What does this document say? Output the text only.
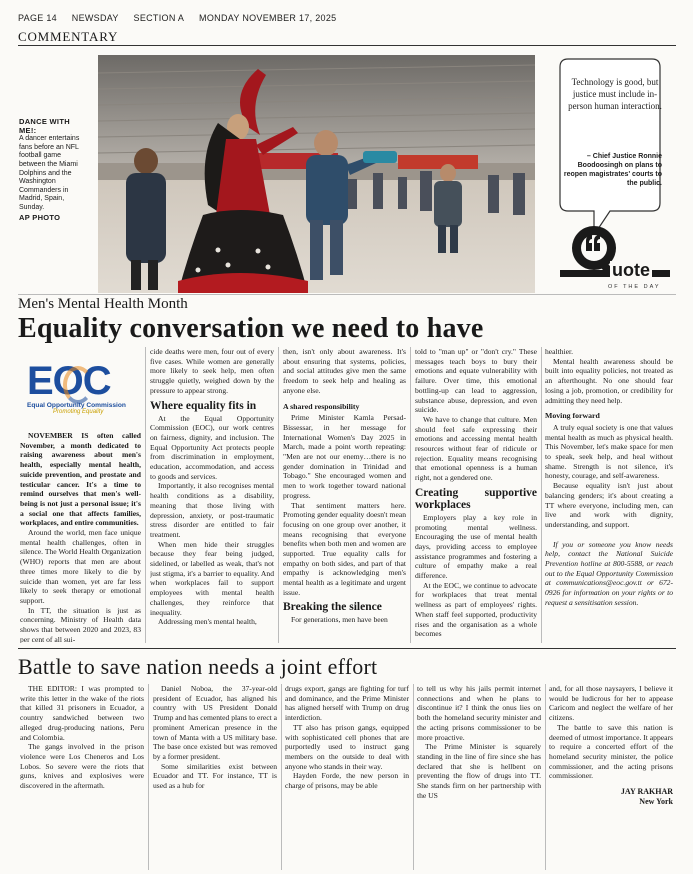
PAGE 14 NEWSDAY SECTION A MONDAY NOVEMBER 17, 2025
COMMENTARY
DANCE WITH ME!:
A dancer entertains fans before an NFL football game between the Miami Dolphins and the Washington Commanders in Madrid, Spain, Sunday.
AP PHOTO
uote
OF THE DAY
Technology is good, but justice must include in-person human interaction.
– Chief Justice Ronnie Boodoosingh on plans to reopen magistrates' courts to the public.
Men's Mental Health Month
Equality conversation we need to have
EOC
Equal Opportunity Commission
Promoting Equality

NOVEMBER IS often called November, a month dedicated to raising awareness about men's health, especially mental health, suicide prevention, and prostate and testicular cancer. It's a time to remind ourselves that men's well-being is not just a personal issue; it's a social one that affects families, workplaces, and entire communities.

Around the world, men face unique mental health challenges, often in silence. The World Health Organization (WHO) reports that men are about three times more likely to die by suicide than women, yet are far less likely to seek therapy or emotional support.

In TT, the situation is just as concerning. Ministry of Health data shows that between 2020 and 2023, 83 per cent of all sui-

cide deaths were men, four out of every five cases. While women are generally more likely to seek help, men often struggle quietly, weighed down by the pressure to appear strong.

Where equality fits in

At the Equal Opportunity Commission (EOC), our work centres on fairness, dignity, and inclusion. The Equal Opportunity Act protects people from discrimination in employment, education, accommodation, and access to goods and services.

Importantly, it also recognises mental health conditions as a disability, meaning that those living with depression, anxiety, or post-traumatic stress disorder are entitled to fair treatment.

When men hide their struggles because they fear being judged, sidelined, or labelled as weak, that's not just stigma, it's a barrier to equality. And when workplaces fail to support employees with mental health challenges, they reinforce that inequality.

Addressing men's mental health,

then, isn't only about awareness. It's about ensuring that systems, policies, and social attitudes give men the same freedom to seek help and healing as anyone else.

A shared responsibility

Prime Minister Kamla Persad-Bissessar, in her message for International Women's Day 2025 in March, made a point worth repeating: "Men are not our enemy…there is no gender domination in Trinidad and Tobago." She encouraged women and men to work together toward national progress.

That sentiment matters here. Promoting gender equality doesn't mean focusing on one group over another, it means recognising that everyone benefits when both men and women are supported. True equality calls for empathy on both sides, and part of that empathy is acknowledging men's mental health as a legitimate and urgent issue.

Breaking the silence

For generations, men have been

told to "man up" or "don't cry." These messages teach boys to bury their emotions and equate vulnerability with failure. Over time, this emotional bottling-up can lead to aggression, substance abuse, depression, and even suicide.

We have to change that culture. Men should feel safe expressing their emotions and accessing mental health resources without fear of ridicule or rejection. Equality means recognising that emotional openness is a human right, not a gendered one.

Creating supportive workplaces

Employers play a key role in promoting mental wellness. Encouraging the use of mental health days, providing access to employee assistance programmes and fostering a culture of empathy make a real difference.

At the EOC, we continue to advocate for workplaces that treat mental wellness as part of employees' rights. When staff feel supported, productivity rises and the organisation as a whole becomes

healthier.

Mental health awareness should be built into equality policies, not treated as an afterthought. No one should fear losing a job, promotion, or credibility for admitting they need help.

Moving forward

A truly equal society is one that values mental health as much as physical health. This November, let's make space for men to speak, seek help, and heal without shame. Strength is not silence, it's honesty, courage, and self-awareness.

Because equality isn't just about balancing genders; it's about creating a TT where everyone, including men, can live and work with dignity, understanding, and support.

If you or someone you know needs help, contact the National Suicide Prevention hotline at 800-5588, or reach out to the Equal Opportunity Commission at communications@eoc.gov.tt or 672-0926 for information on your rights or to request a sensitisation session.

Battle to save nation needs a joint effort

THE EDITOR: I was prompted to write this letter in the wake of the riots that killed 31 prisoners in Ecuador, a country sandwiched between two alleged drug-producing nations, Peru and Colombia.

The gangs involved in the prison violence were Los Cheneros and Los Lobos. So severe were the riots that guns, knives and explosives were discovered in the aftermath.

Daniel Noboa, the 37-year-old president of Ecuador, has aligned his country with US President Donald Trump and has cemented plans to erect a prominent American presence in the town of Manta with a US military base. The base once existed but was removed by a former president.

Some similarities exist between Ecuador and TT. For instance, TT is used as a hub for

drugs export, gangs are fighting for turf and dominance, and the Prime Minister has aligned herself with Trump on drug interdiction.

TT also has prison gangs, equipped with sophisticated cell phones that are purportedly used to instruct gang members on the outside to deal with anyone who stands in their way.

Hayden Forde, the new person in charge of prisons, may be able

to tell us why his jails permit internet connections and when he plans to discontinue it? I think the onus lies on both the homeland security minister and the acting prisons commissioner to be more proactive.

The Prime Minister is squarely standing in the line of fire since she has declared that she is hellbent on preventing the flow of drugs into TT. She stands firm on her partnership with the US

and, for all those naysayers, I believe it would be ludicrous for her to appease Caricom and neglect the welfare of her citizens.

The battle to save this nation is deemed of utmost importance. It appears to require a concerted effort of the homeland security minister, the police commissioner, and the acting prisons commissioner.

JAY RAKHAR
New York
